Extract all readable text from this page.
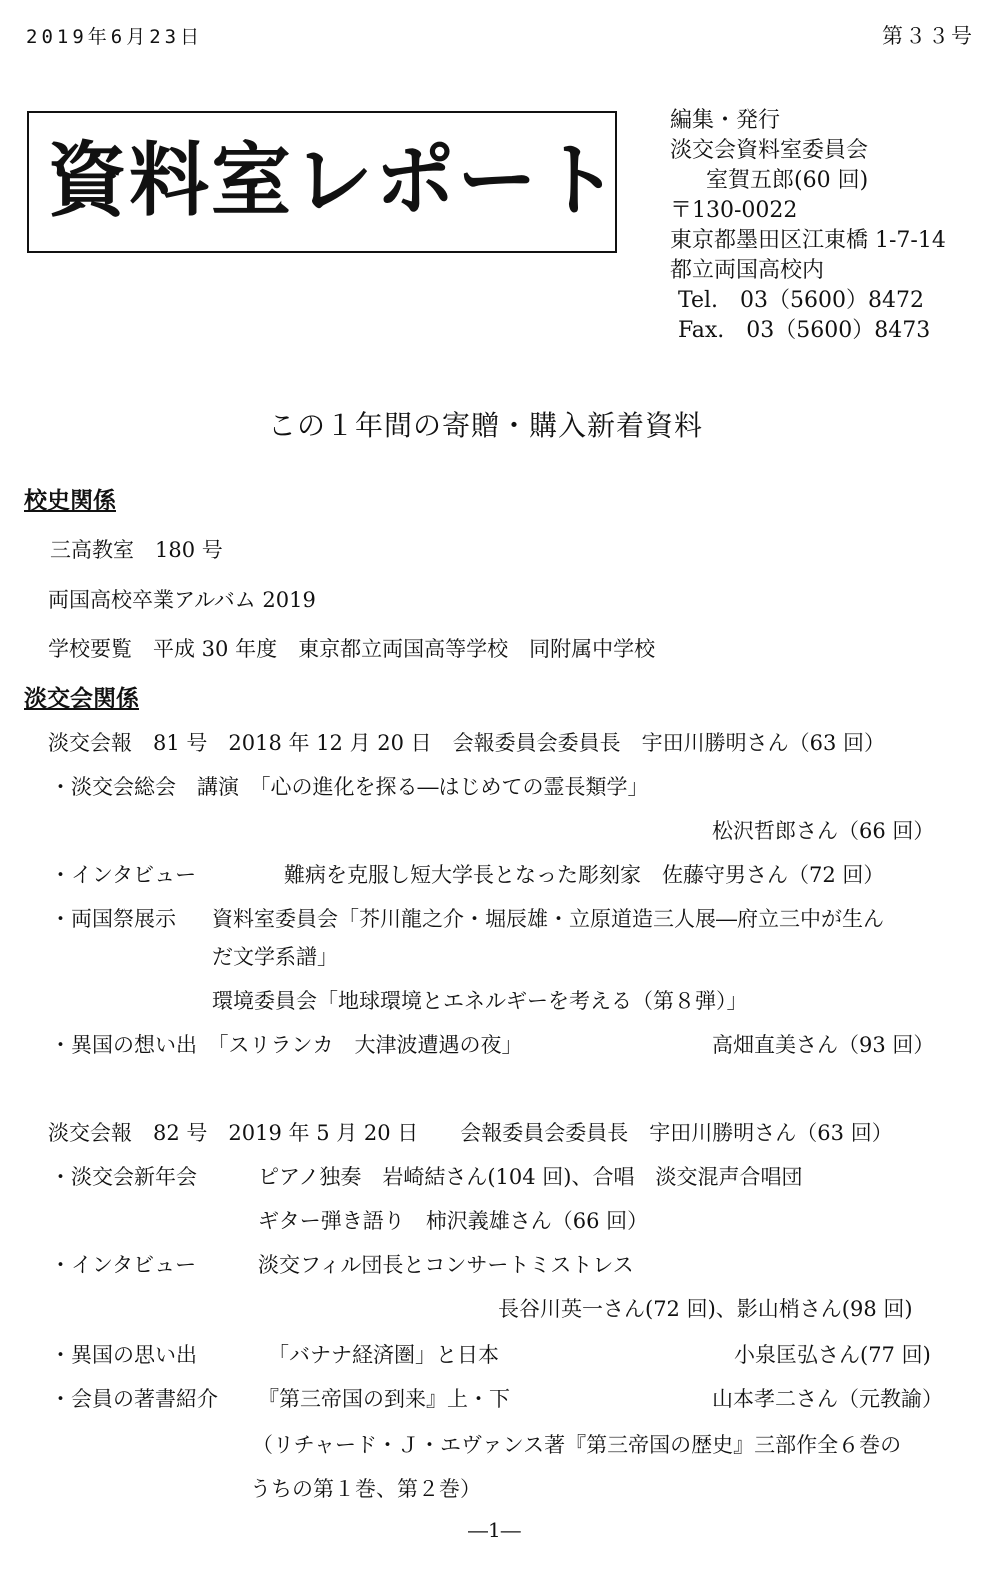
2019年6月23日	第３３号
資料室レポート
編集・発行
淡交会資料室委員会
室賀五郎(60 回)
〒130-0022
東京都墨田区江東橋 1-7-14
都立両国高校内
Tel.　03（5600）8472
Fax.　03（5600）8473
この１年間の寄贈・購入新着資料
校史関係
三高教室　180 号
両国高校卒業アルバム 2019
学校要覧　平成 30 年度　東京都立両国高等学校　同附属中学校
淡交会関係
淡交会報　81 号　2018 年 12 月 20 日　会報委員会委員長　宇田川勝明さん（63 回）
・淡交会総会　講演　「心の進化を探る―はじめての霊長類学」
松沢哲郎さん（66 回）
・インタビュー	難病を克服し短大学長となった彫刻家　佐藤守男さん（72 回）
・両国祭展示 資料室委員会「芥川龍之介・堀辰雄・立原道造三人展―府立三中が生ん
だ文学系譜」
環境委員会「地球環境とエネルギーを考える（第８弾）」
・異国の想い出　「スリランカ　大津波遭遇の夜」	高畑直美さん（93 回）
淡交会報　82 号　2019 年 5 月 20 日　　会報委員会委員長　宇田川勝明さん（63 回）
・淡交会新年会	ピアノ独奏　岩崎結さん(104 回)、合唱　淡交混声合唱団
ギター弾き語り　柿沢義雄さん（66 回）
・インタビュー	淡交フィル団長とコンサートミストレス
長谷川英一さん(72 回)、影山梢さん(98 回)
・異国の思い出	「バナナ経済圏」と日本	小泉匡弘さん(77 回)
・会員の著書紹介 『第三帝国の到来』上・下	山本孝二さん（元教諭）
（リチャード・Ｊ・エヴァンス著『第三帝国の歴史』三部作全６巻の
うちの第１巻、第２巻）
―1―
